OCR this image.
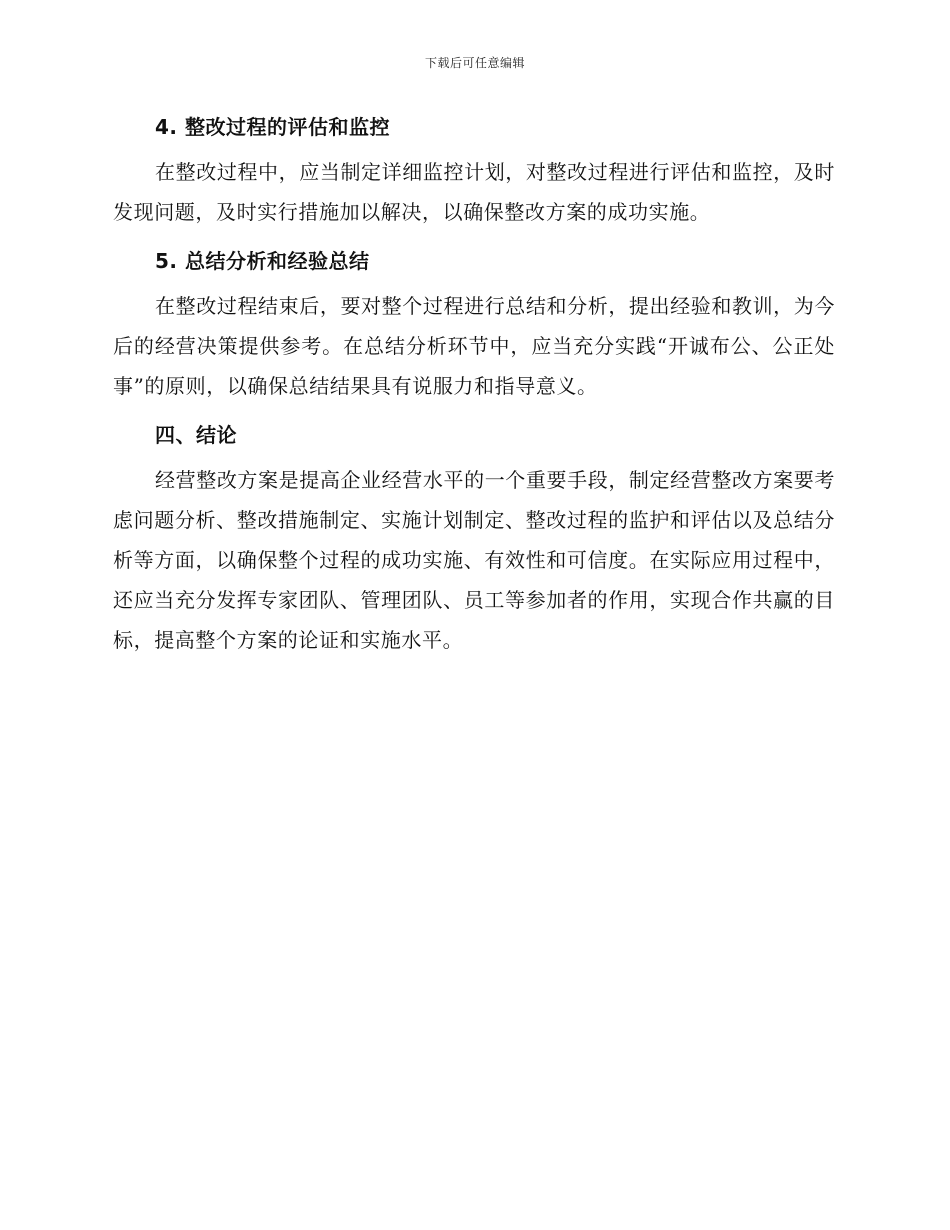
下载后可任意编辑
4. 整改过程的评估和监控

在整改过程中，应当制定详细监控计划，对整改过程进行评估和监控，及时发现问题，及时实行措施加以解决，以确保整改方案的成功实施。

5. 总结分析和经验总结

在整改过程结束后，要对整个过程进行总结和分析，提出经验和教训，为今后的经营决策提供参考。在总结分析环节中，应当充分实践“开诚布公、公正处事”的原则，以确保总结结果具有说服力和指导意义。

四、结论

经营整改方案是提高企业经营水平的一个重要手段，制定经营整改方案要考虑问题分析、整改措施制定、实施计划制定、整改过程的监护和评估以及总结分析等方面，以确保整个过程的成功实施、有效性和可信度。在实际应用过程中，还应当充分发挥专家团队、管理团队、员工等参加者的作用，实现合作共赢的目标，提高整个方案的论证和实施水平。
